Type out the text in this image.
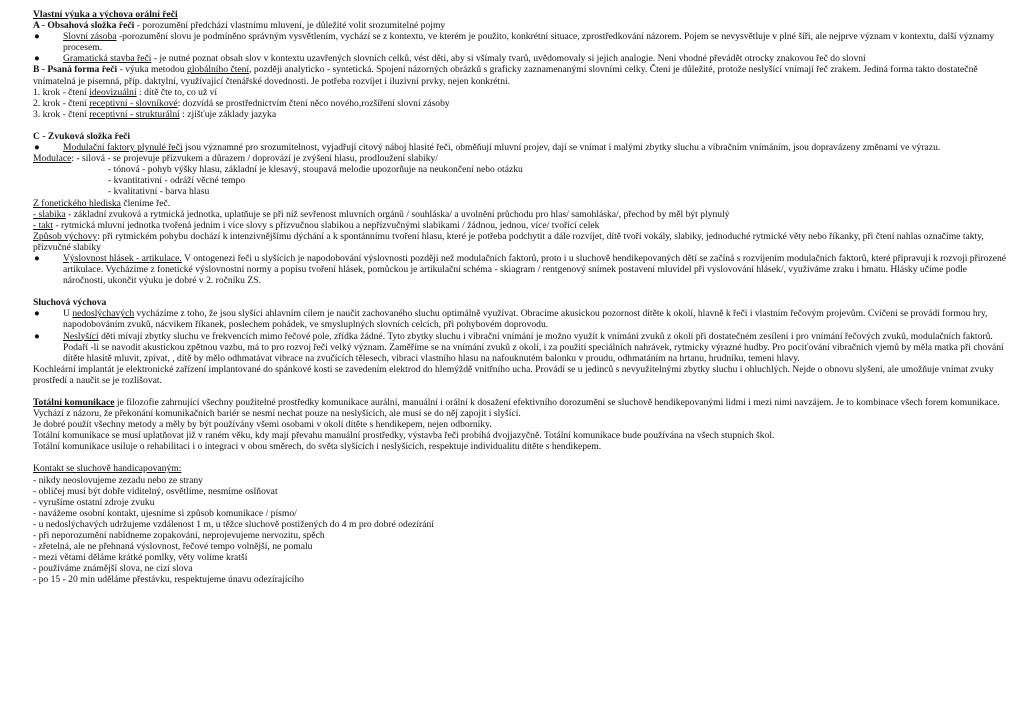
Vlastní výuka a výchova orální řeči

A - Obsahová složka řeči - porozumění předchází vlastnímu mluvení, je důležité volit srozumitelné pojmy

● Slovní zásoba -porozumění slovu je podmíněno správným vysvětlením, vychází se z kontextu, ve kterém je použito, konkrétní situace, zprostředkování názorem. Pojem se nevysvětluje v plné šíři, ale nejprve význam v kontextu, další významy procesem.
● Gramatická stavba řeči - je nutné poznat obsah slov v kontextu uzavřených slovních celků, vést děti, aby si všímaly tvarů, uvědomovaly si jejich analogie. Není vhodné převádět otrocky znakovou řeč do slovní

B - Psaná forma řeči - výuka metodou globálního čtení, později analyticko - syntetická. Spojení názorných obrázků s graficky zaznamenanými slovními celky. Čtení je důležité, protože neslyšící vnímají řeč zrakem. Jediná forma takto dostatečně vnímatelná je písemná, příp. daktylní, využívající čtenářské dovednosti. Je potřeba rozvíjet i iluzivní prvky, nejen konkrétní.

1. krok - čtení ideovizuální : dítě čte to, co už ví

2. krok - čtení receptivní - slovníkové: dozvídá se prostřednictvím čtení něco nového,rozšíření slovní zásoby

3. krok - čtení receptivní - strukturální : zjišťuje základy jazyka

C - Zvuková složka řeči

● Modulační faktory plynulé řeči jsou významné pro srozumitelnost, vyjadřují citový náboj hlasité řeči, obměňují mluvní projev, dají se vnímat i malými zbytky sluchu a vibračním vnímáním, jsou dopravázeny změnami ve výrazu.

Modulace: - silová - se projevuje přízvukem a důrazem / doprovází je zvýšení hlasu, prodloužení slabiky/

- tónová - pohyb výšky hlasu, základní je klesavý, stoupavá melodie upozorňuje na neukončení nebo otázku

- kvantitativní - odráží věcné tempo

- kvalitativní - barva hlasu

Z fonetického hlediska členíme řeč.

- slabika - základní zvuková a rytmická jednotka, uplatňuje se při níž sevřenost mluvních orgánů / souhláska/ a uvolnění průchodu pro hlas/ samohláska/, přechod by měl být plynulý

- takt - rytmická mluvní jednotka tvořená jedním i více slovy s přízvučnou slabikou a nepřízvučnými slabikami / žádnou, jednou, více/ tvořící celek

Způsob výchovy: při rytmickém pohybu dochází k intenzivnějšímu dýchání a k spontánnímu tvoření hlasu, které je potřeba podchytit a dále rozvíjet, dítě tvoří vokály, slabiky, jednoduché rytmické věty nebo říkanky, při čtení nahlas označíme takty, přízvučné slabiky

● Výslovnost hlásek - artikulace. V ontogenezi řeči u slyšících je napodobování výslovnosti později než modulačních faktorů, proto i u sluchově hendikepovaných dětí se začíná s rozvíjením modulačních faktorů, které připravují k rozvoji přirozené artikulace. Vycházíme z fonetické výslovnostní normy a popisu tvoření hlásek, pomůckou je artikulační schéma - skiagram / rentgenový snímek postavení mluvidel při vyslovování hlásek/, využíváme zraku i hmatu. Hlásky učíme podle náročnosti, ukončit výuku je dobré v 2. ročníku ZS.

Sluchová výchova

● U nedoslýchavých vycházíme z toho, že jsou slyšící ahlavním cílem je naučit zachovaného sluchu optimálně využívat. Obracíme akusickou pozornost dítěte k okolí, hlavně k řeči i vlastním řečovým projevům. Cvičení se provádí formou hry, napodobováním zvuků, nácvikem říkanek, poslechem pohádek, ve smysluplných slovních celcích, při pohybovém doprovodu.
● Neslyšící děti mívají zbytky sluchu ve frekvencích mimo řečové pole, zřídka žádné. Tyto zbytky sluchu i vibrační vnímání je možno využít k vnímání zvuků z okolí při dostatečném zesílení i pro vnímání řečových zvuků, modulačních faktorů. Podaří -li se navodit akustickou zpětnou vazbu, má to pro rozvoj řeči velký význam. Zaměříme se na vnímání zvuků z okolí, i za použití speciálních nahrávek, rytmicky výrazné hudby. Pro pociťování vibračních vjemů by měla matka při chování dítěte hlasitě mluvit, zpívat, , dítě by mělo odhmatávat vibrace na zvučících tělesech, vibraci vlastního hlasu na nafouknutém balonku v proudu, odhmatáním na hrtanu, hrudníku, temeni hlavy.

Kochleární implantát je elektronické zařízení implantované do spánkové kosti se zavedením elektrod do hlemýždě vnitřního ucha. Provádí se u jedinců s nevyužitelnými zbytky sluchu i ohluchlých. Nejde o obnovu slyšení, ale umožňuje vnímat zvuky prostředí a naučit se je rozlišovat.

Totální komunikace je filozofie zahrnující všechny použitelné prostředky komunikace aurální, manuální i orální k dosažení efektivního dorozumění se sluchově hendikepovanými lidmi i mezi nimi navzájem. Je to kombinace všech forem komunikace.

Vychází z názoru, že překonání komunikačních bariér se nesmí nechat pouze na neslyšících, ale musí se do něj zapojit i slyšící.

Je dobré použít všechny metody a měly by být používány všemi osobami v okolí dítěte s hendikepem, nejen odborníky.

Totální komunikace se musí uplatňovat již v raném věku, kdy mají převahu manuální prostředky, výstavba řeči probíhá dvojjazyčně. Totální komunikace bude používána na všech stupních škol.

Totální komunikace usiluje o rehabilitaci i o integraci v obou směrech, do světa slyšících i neslyšících, respektuje individualitu dítěte s hendikepem.

Kontakt se sluchově handicapovaným:

- nikdy neoslovujeme zezadu nebo ze strany

- obličej musí být dobře viditelný, osvětlíme, nesmíme oslňovat

- vyrušíme ostatní zdroje zvuku

- navážeme osobní kontakt, ujesníme si způsob komunikace / písmo/

- u nedoslýchavých udržujeme vzdálenost 1 m, u těžce sluchově postižených do 4 m pro dobré odezírání

- při neporozumění nabídneme zopakování, neprojevujeme nervozitu, spěch

- zřetelná, ale ne přehnaná výslovnost, řečové tempo volnější, ne pomalu

- mezi větami děláme krátké pomlky, věty volíme kratší

- používáme známější slova, ne cizí slova

- po 15 - 20 min uděláme přestávku, respektujeme únavu odezírajícího
